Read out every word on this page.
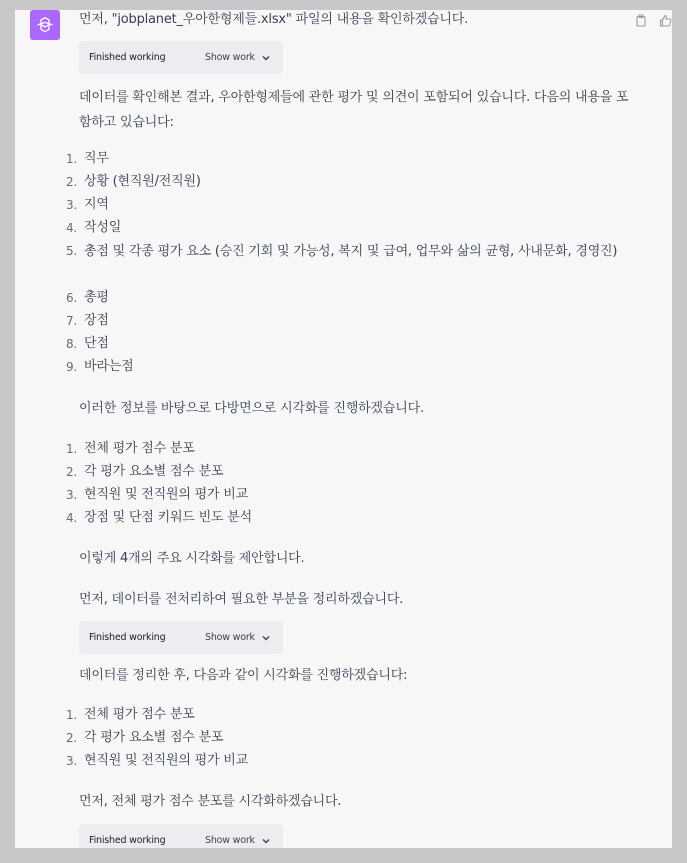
먼저, "jobplanet_우아한형제들.xlsx" 파일의 내용을 확인하겠습니다.
Finished working	Show work
데이터를 확인해본 결과, 우아한형제들에 관한 평가 및 의견이 포함되어 있습니다. 다음의 내용을 포함하고 있습니다:
1. 직무
2. 상황 (현직원/전직원)
3. 지역
4. 작성일
5. 총점 및 각종 평가 요소 (승진 기회 및 가능성, 복지 및 급여, 업무와 삶의 균형, 사내문화, 경영진)
6. 총평
7. 장점
8. 단점
9. 바라는점
이러한 정보를 바탕으로 다방면으로 시각화를 진행하겠습니다.
1. 전체 평가 점수 분포
2. 각 평가 요소별 점수 분포
3. 현직원 및 전직원의 평가 비교
4. 장점 및 단점 키워드 빈도 분석
이렇게 4개의 주요 시각화를 제안합니다.
먼저, 데이터를 전처리하여 필요한 부분을 정리하겠습니다.
Finished working	Show work
데이터를 정리한 후, 다음과 같이 시각화를 진행하겠습니다:
1. 전체 평가 점수 분포
2. 각 평가 요소별 점수 분포
3. 현직원 및 전직원의 평가 비교
먼저, 전체 평가 점수 분포를 시각화하겠습니다.
Finished working	Show work
